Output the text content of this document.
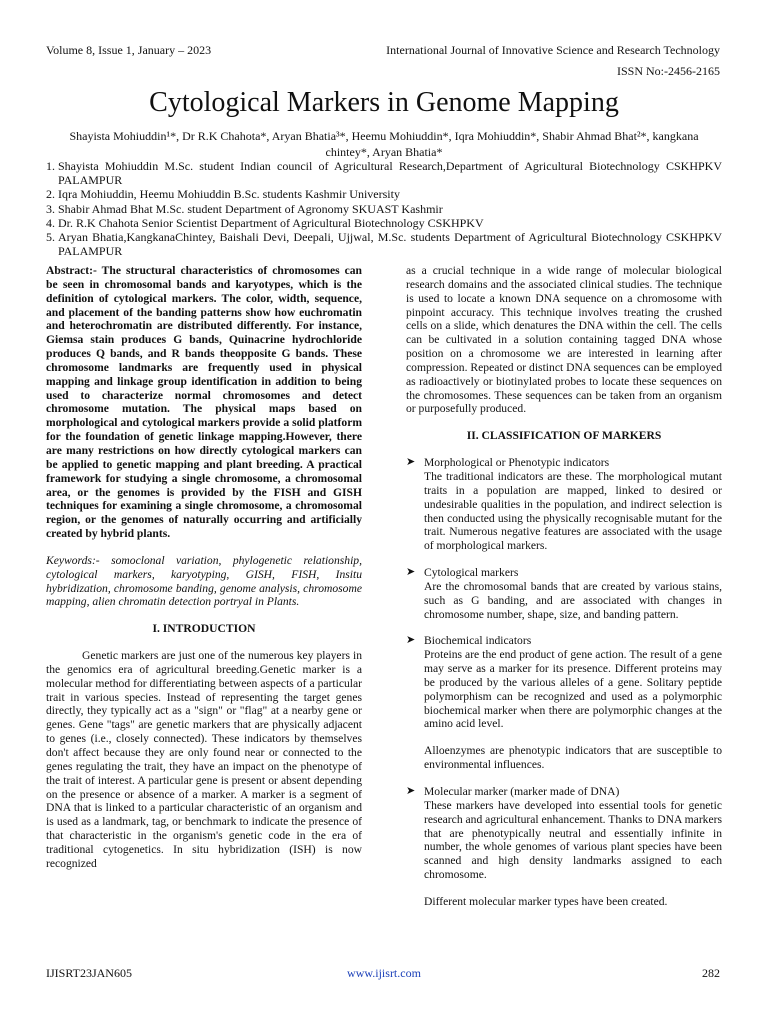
Volume 8, Issue 1, January – 2023	International Journal of Innovative Science and Research Technology
ISSN No:-2456-2165
Cytological Markers in Genome Mapping
Shayista Mohiuddin¹*, Dr R.K Chahota*, Aryan Bhatia³*, Heemu Mohiuddin*, Iqra Mohiuddin*, Shabir Ahmad Bhat²*, kangkana chintey*, Aryan Bhatia*
1. Shayista Mohiuddin M.Sc. student Indian council of Agricultural Research,Department of Agricultural Biotechnology CSKHPKV PALAMPUR
2. Iqra Mohiuddin, Heemu Mohiuddin B.Sc. students Kashmir University
3. Shabir Ahmad Bhat M.Sc. student Department of Agronomy SKUAST Kashmir
4. Dr. R.K Chahota Senior Scientist Department of Agricultural Biotechnology CSKHPKV
5. Aryan Bhatia,KangkanaChintey, Baishali Devi, Deepali, Ujjwal, M.Sc. students Department of Agricultural Biotechnology CSKHPKV PALAMPUR

Abstract:- The structural characteristics of chromosomes can be seen in chromosomal bands and karyotypes, which is the definition of cytological markers. The color, width, sequence, and placement of the banding patterns show how euchromatin and heterochromatin are distributed differently. For instance, Giemsa stain produces G bands, Quinacrine hydrochloride produces Q bands, and R bands theopposite G bands. These chromosome landmarks are frequently used in physical mapping and linkage group identification in addition to being used to characterize normal chromosomes and detect chromosome mutation. The physical maps based on morphological and cytological markers provide a solid platform for the foundation of genetic linkage mapping.However, there are many restrictions on how directly cytological markers can be applied to genetic mapping and plant breeding. A practical framework for studying a single chromosome, a chromosomal area, or the genomes is provided by the FISH and GISH techniques for examining a single chromosome, a chromosomal region, or the genomes of naturally occurring and artificially created by hybrid plants.

Keywords:- somoclonal variation, phylogenetic relationship, cytological markers, karyotyping, GISH, FISH, Insitu hybridization, chromosome banding, genome analysis, chromosome mapping, alien chromatin detection portryal in Plants.

I. INTRODUCTION

Genetic markers are just one of the numerous key players in the genomics era of agricultural breeding.Genetic marker is a molecular method for differentiating between aspects of a particular trait in various species. Instead of representing the target genes directly, they typically act as a "sign" or "flag" at a nearby gene or genes. Gene "tags" are genetic markers that are physically adjacent to genes (i.e., closely connected). These indicators by themselves don't affect because they are only found near or connected to the genes regulating the trait, they have an impact on the phenotype of the trait of interest. A particular gene is present or absent depending on the presence or absence of a marker. A marker is a segment of DNA that is linked to a particular characteristic of an organism and is used as a landmark, tag, or benchmark to indicate the presence of that characteristic in the organism's genetic code in the era of traditional cytogenetics. In situ hybridization (ISH) is now recognized

as a crucial technique in a wide range of molecular biological research domains and the associated clinical studies. The technique is used to locate a known DNA sequence on a chromosome with pinpoint accuracy. This technique involves treating the crushed cells on a slide, which denatures the DNA within the cell. The cells can be cultivated in a solution containing tagged DNA whose position on a chromosome we are interested in learning after compression. Repeated or distinct DNA sequences can be employed as radioactively or biotinylated probes to locate these sequences on the chromosomes. These sequences can be taken from an organism or purposefully produced.

II. CLASSIFICATION OF MARKERS
➤ Morphological or Phenotypic indicators
The traditional indicators are these. The morphological mutant traits in a population are mapped, linked to desired or undesirable qualities in the population, and indirect selection is then conducted using the physically recognisable mutant for the trait. Numerous negative features are associated with the usage of morphological markers.
➤ Cytological markers
Are the chromosomal bands that are created by various stains, such as G banding, and are associated with changes in chromosome number, shape, size, and banding pattern.
➤ Biochemical indicators
Proteins are the end product of gene action. The result of a gene may serve as a marker for its presence. Different proteins may be produced by the various alleles of a gene. Solitary peptide polymorphism can be recognized and used as a polymorphic biochemical marker when there are polymorphic changes at the amino acid level.
Alloenzymes are phenotypic indicators that are susceptible to environmental influences.
➤ Molecular marker (marker made of DNA)
These markers have developed into essential tools for genetic research and agricultural enhancement. Thanks to DNA markers that are phenotypically neutral and essentially infinite in number, the whole genomes of various plant species have been scanned and high density landmarks assigned to each chromosome.
Different molecular marker types have been created.
IJISRT23JAN605	www.ijisrt.com	282
